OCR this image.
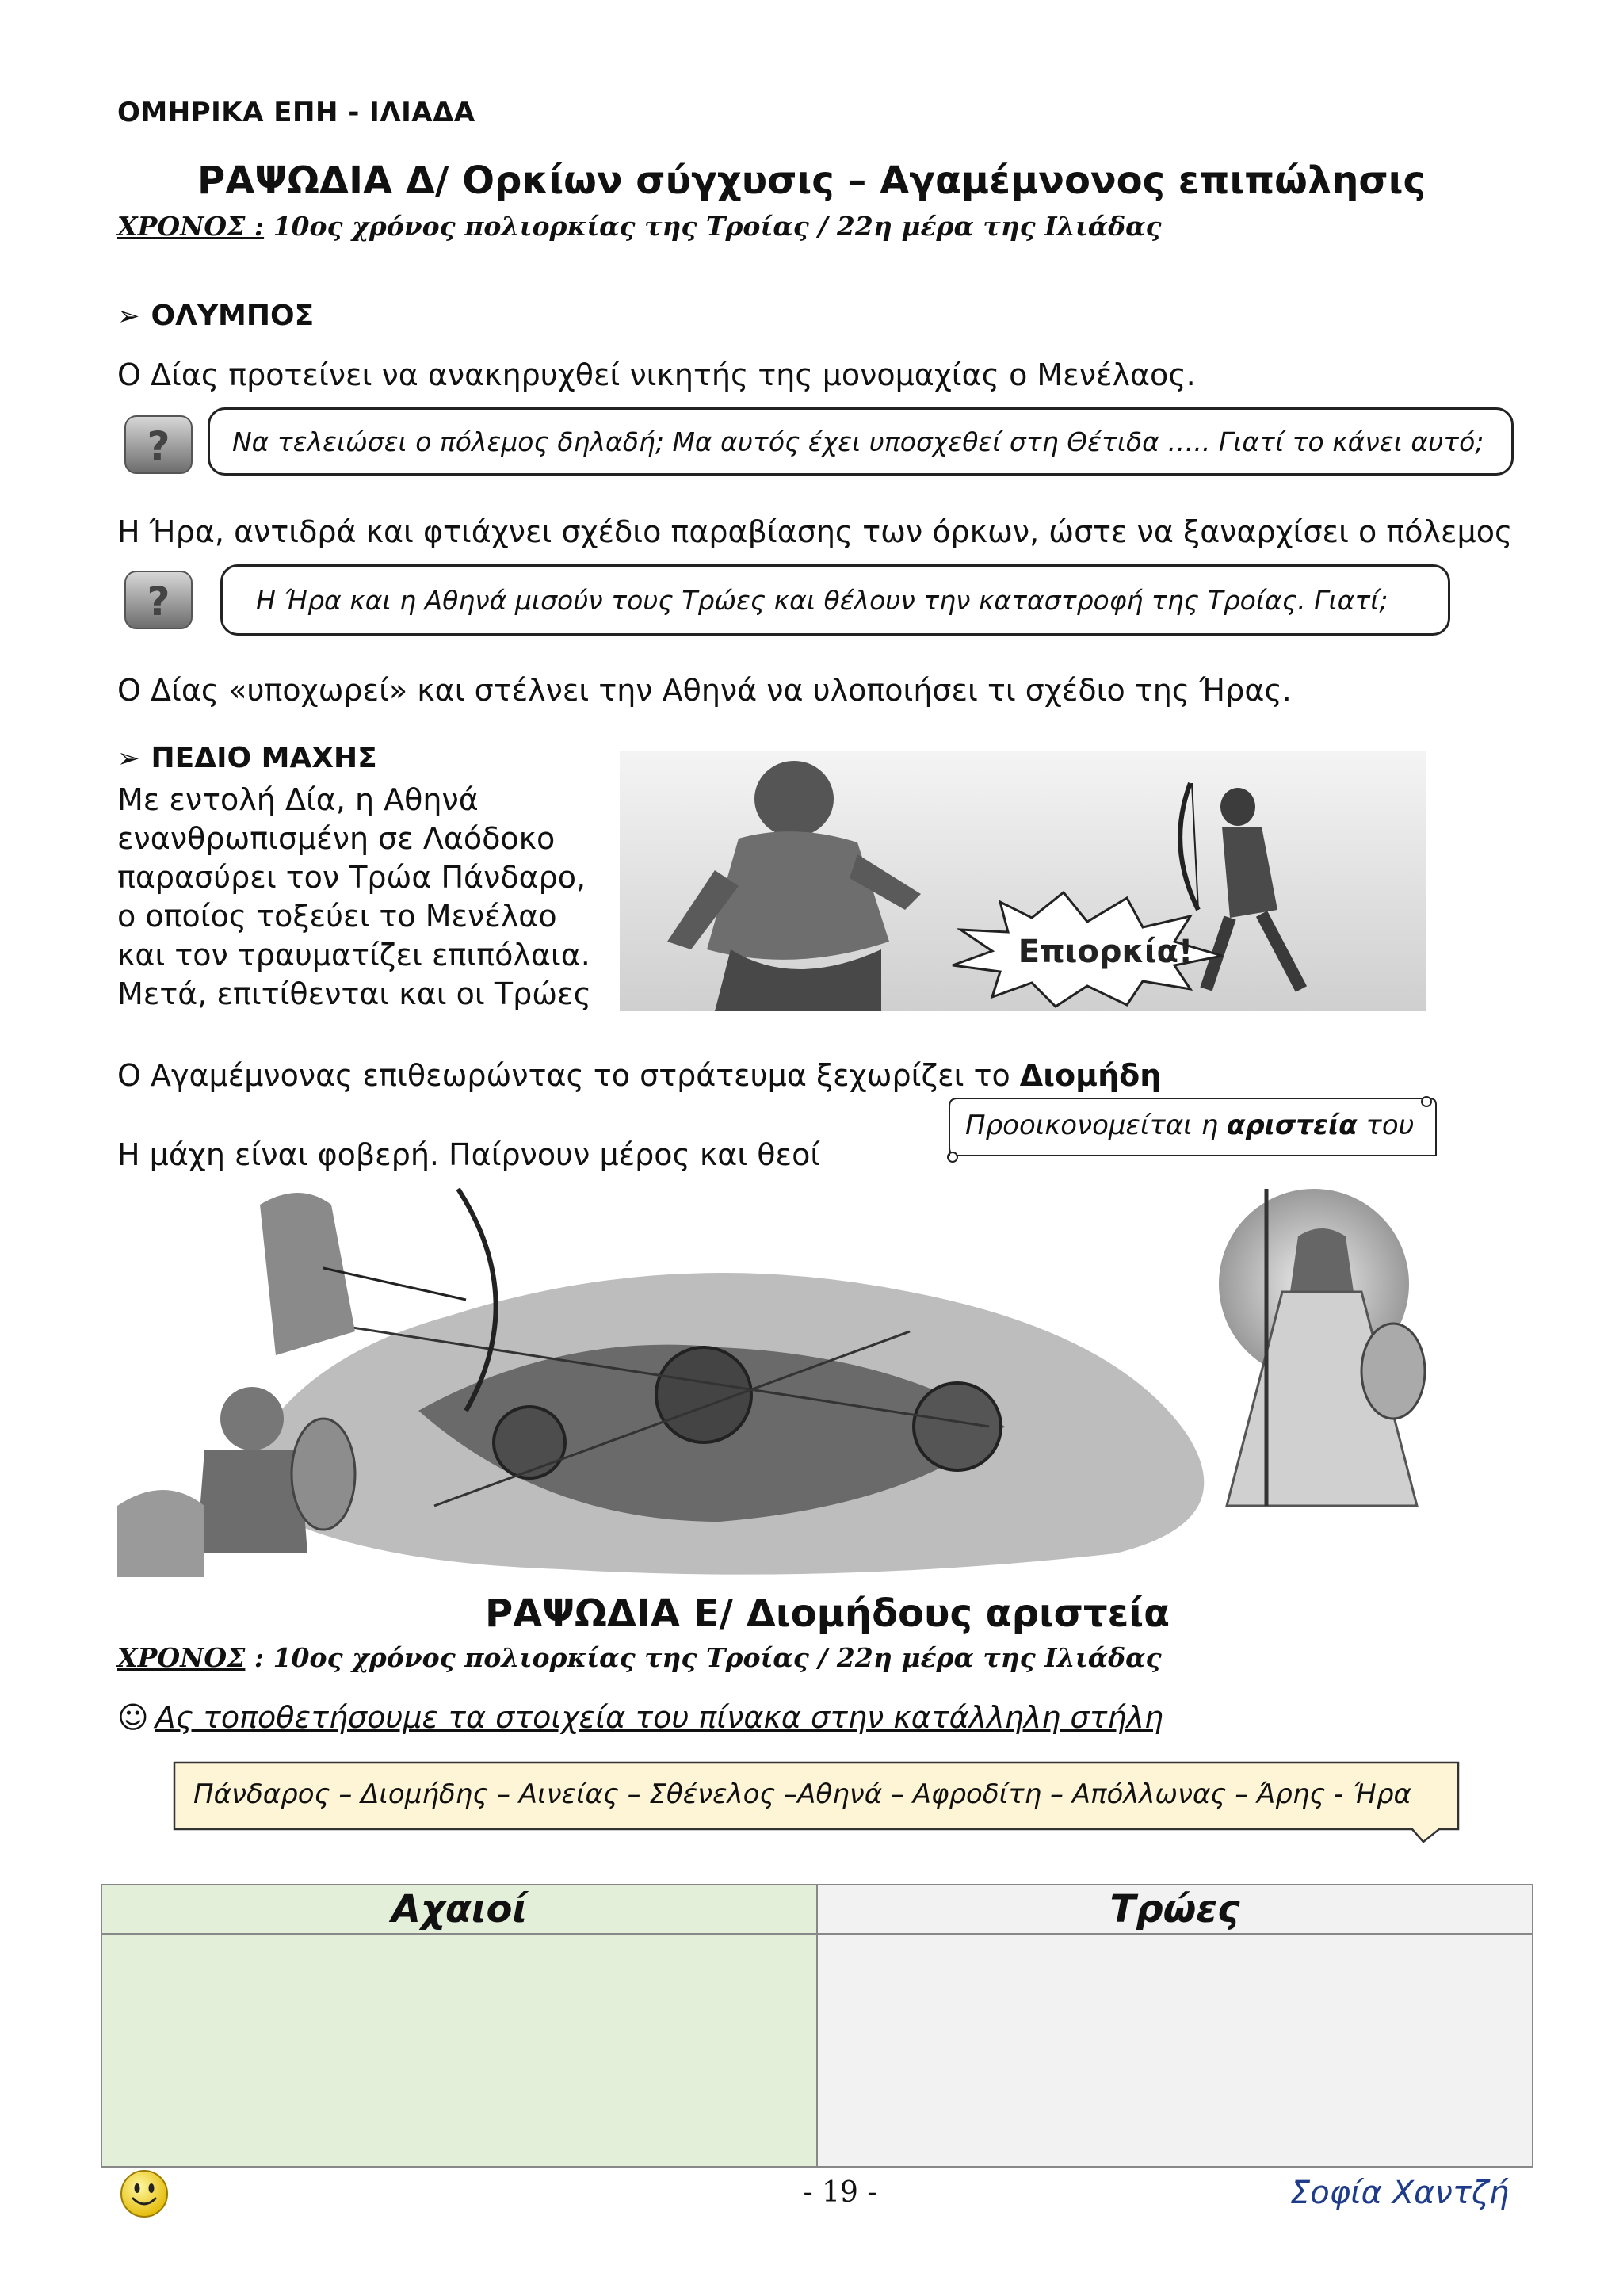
ΟΜΗΡΙΚΑ ΕΠΗ - ΙΛΙΑΔΑ
ΡΑΨΩΔΙΑ Δ/ Ορκίων σύγχυσις – Αγαμέμνονος επιπώλησις
ΧΡΟΝΟΣ : 10ος χρόνος πολιορκίας της Τροίας / 22η μέρα της Ιλιάδας
➢ ΟΛΥΜΠΟΣ
Ο Δίας προτείνει να ανακηρυχθεί νικητής της μονομαχίας ο Μενέλαος.
?	Να τελειώσει ο πόλεμος δηλαδή; Μα αυτός έχει υποσχεθεί στη Θέτιδα ….. Γιατί το κάνει αυτό;
Η Ήρα, αντιδρά και φτιάχνει σχέδιο παραβίασης των όρκων, ώστε να ξαναρχίσει ο πόλεμος
?	Η Ήρα και η Αθηνά μισούν τους Τρώες και θέλουν την καταστροφή της Τροίας. Γιατί;
Ο Δίας «υποχωρεί» και στέλνει την Αθηνά να υλοποιήσει τι σχέδιο της Ήρας.
➢ ΠΕΔΙΟ ΜΑΧΗΣ
Με εντολή Δία, η Αθηνά
ενανθρωπισμένη σε Λαόδοκο
παρασύρει τον Τρώα Πάνδαρο,
ο οποίος τοξεύει το Μενέλαο
και τον τραυματίζει επιπόλαια.
Μετά, επιτίθενται και οι Τρώες
Επιορκία!
Ο Αγαμέμνονας επιθεωρώντας το στράτευμα ξεχωρίζει το Διομήδη
Προοικονομείται η αριστεία του
Η μάχη είναι φοβερή. Παίρνουν μέρος και θεοί
ΡΑΨΩΔΙΑ Ε/ Διομήδους αριστεία
ΧΡΟΝΟΣ : 10ος χρόνος πολιορκίας της Τροίας / 22η μέρα της Ιλιάδας
☺ Ας τοποθετήσουμε τα στοιχεία του πίνακα στην κατάλληλη στήλη
Πάνδαρος – Διομήδης – Αινείας – Σθένελος –Αθηνά – Αφροδίτη – Απόλλωνας – Άρης - Ήρα
Αχαιοί	Τρώες

- 19 -	Σοφία Χαντζή
